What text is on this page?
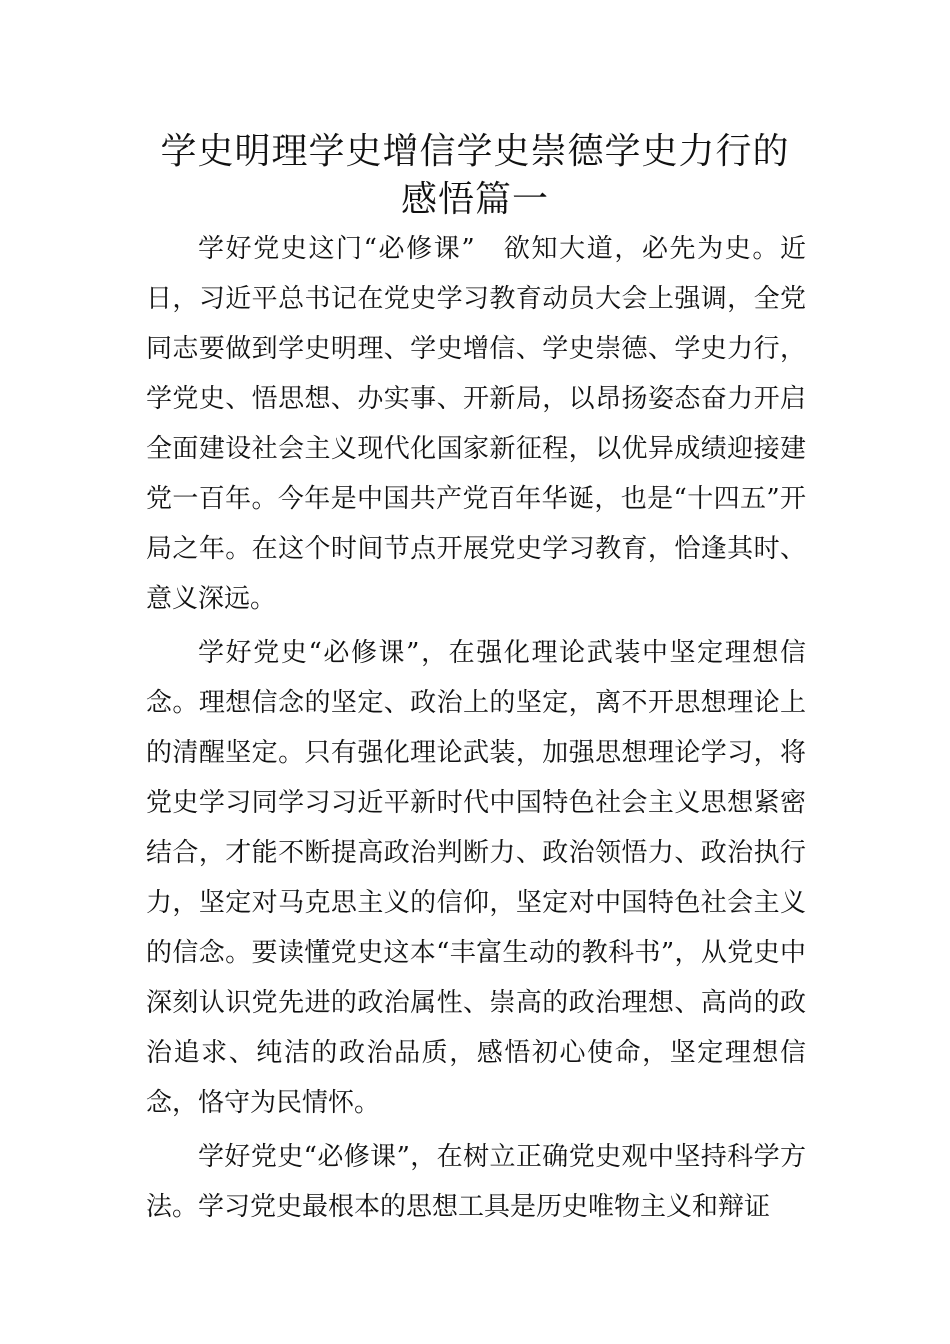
学史明理学史增信学史崇德学史力行的感悟篇一

学好党史这门“必修课”　欲知大道，必先为史。近日，习近平总书记在党史学习教育动员大会上强调，全党同志要做到学史明理、学史增信、学史崇德、学史力行，学党史、悟思想、办实事、开新局，以昂扬姿态奋力开启全面建设社会主义现代化国家新征程，以优异成绩迎接建党一百年。今年是中国共产党百年华诞，也是“十四五”开局之年。在这个时间节点开展党史学习教育，恰逢其时、意义深远。

学好党史“必修课”，在强化理论武装中坚定理想信念。理想信念的坚定、政治上的坚定，离不开思想理论上的清醒坚定。只有强化理论武装，加强思想理论学习，将党史学习同学习习近平新时代中国特色社会主义思想紧密结合，才能不断提高政治判断力、政治领悟力、政治执行力，坚定对马克思主义的信仰，坚定对中国特色社会主义的信念。要读懂党史这本“丰富生动的教科书”，从党史中深刻认识党先进的政治属性、崇高的政治理想、高尚的政治追求、纯洁的政治品质，感悟初心使命，坚定理想信念，恪守为民情怀。

学好党史“必修课”，在树立正确党史观中坚持科学方法。学习党史最根本的思想工具是历史唯物主义和辩证
